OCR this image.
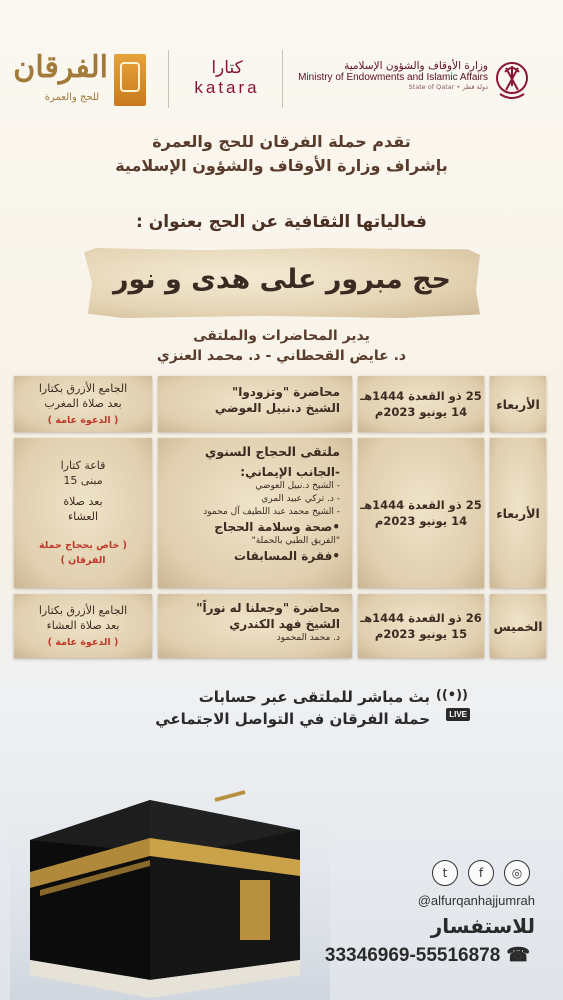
الفرقان
للحج والعمرة
كتارا
katara
وزارة الأوقاف والشؤون الإسلامية
Ministry of Endowments and Islamic Affairs
State of Qatar • دولة قطر
تقدم حملة الفرقان للحج والعمرة
بإشراف وزارة الأوقاف والشؤون الإسلامية
فعالياتها الثقافية عن الحج بعنوان :
حج مبرور على هدى و نور
يدير المحاضرات والملتقى
د. عايض القحطاني - د. محمد العنزي
الأربعاء
25 ذو القعدة 1444هـ
14 يونيو 2023م
محاضرة "وتزودوا"
الشيخ د.نبيل العوضي
الجامع الأزرق بكتارا
بعد صلاة المغرب
( الدعوة عامة )
الأربعاء
25 ذو القعدة 1444هـ
14 يونيو 2023م
ملتقى الحجاج السنوي
-الجانب الإيماني:
- الشيخ د.نبيل العوضي
- د. تركي عبيد المري
- الشيخ محمد عبد اللطيف آل محمود
•صحة وسلامة الحجاج
"الفريق الطبي بالحملة"
•فقرة المسابقات
قاعة كتارا
مبنى 15
بعد صلاة
العشاء
( خاص بحجاج حملة الفرقان )
الخميس
26 ذو القعدة 1444هـ
15 يونيو 2023م
محاضرة "وجعلنا له نوراً"
الشيخ فهد الكندري
د. محمد المحمود
الجامع الأزرق بكتارا
بعد صلاة العشاء
( الدعوة عامة )
بث مباشر للملتقى عبر حسابات
حملة الفرقان في التواصل الاجتماعي
((•))
LIVE
t	f	◎
@alfurqanhajjumrah
للاستفسار
33346969-55516878 ☎
